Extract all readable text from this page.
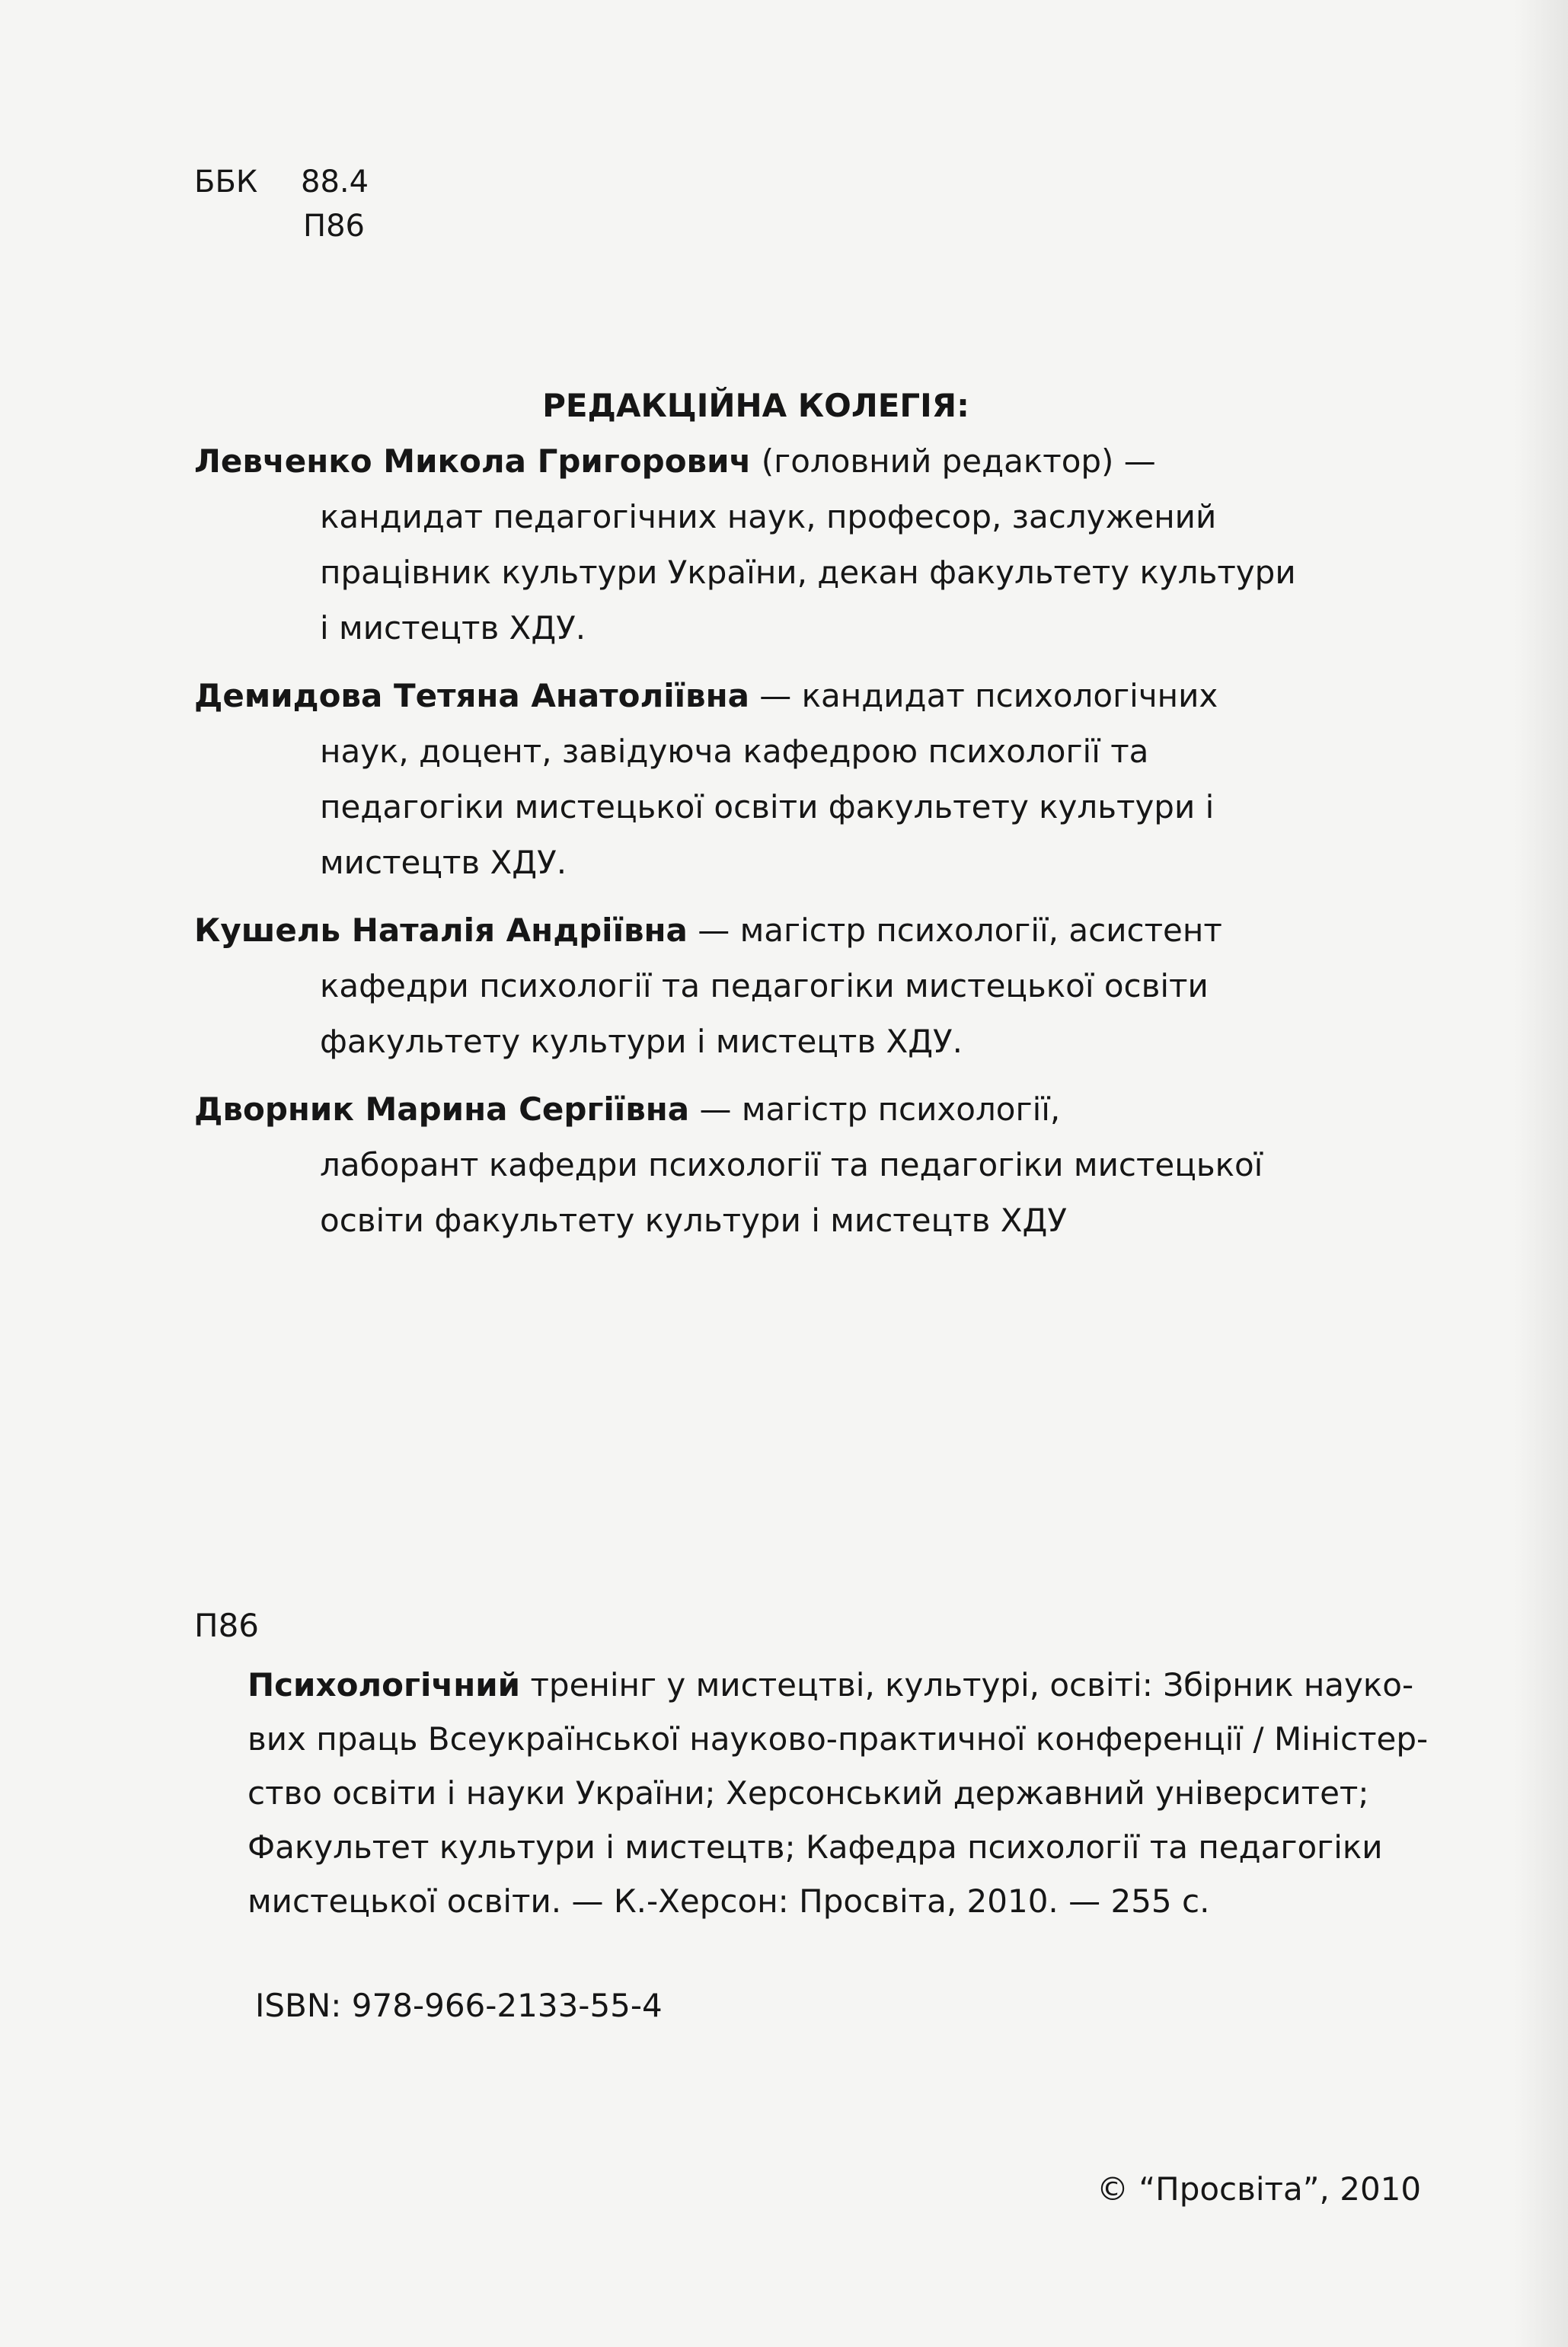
ББК 88.4
П86
РЕДАКЦІЙНА КОЛЕГІЯ:
Левченко Микола Григорович (головний редактор) —
кандидат педагогічних наук, професор, заслужений
працівник культури України, декан факультету культури
і мистецтв ХДУ.
Демидова Тетяна Анатоліївна — кандидат психологічних
наук, доцент, завідуюча кафедрою психології та
педагогіки мистецької освіти факультету культури і
мистецтв ХДУ.
Кушель Наталія Андріївна — магістр психології, асистент
кафедри психології та педагогіки мистецької освіти
факультету культури і мистецтв ХДУ.
Дворник Марина Сергіївна — магістр психології,
лаборант кафедри психології та педагогіки мистецької
освіти факультету культури і мистецтв ХДУ
П86
Психологічний тренінг у мистецтві, культурі, освіті: Збірник науко-
вих праць Всеукраїнської науково-практичної конференції / Міністер-
ство освіти і науки України; Херсонський державний університет;
Факультет культури і мистецтв; Кафедра психології та педагогіки
мистецької освіти. — К.-Херсон: Просвіта, 2010. — 255 с.
ISBN: 978-966-2133-55-4
© “Просвіта”, 2010
